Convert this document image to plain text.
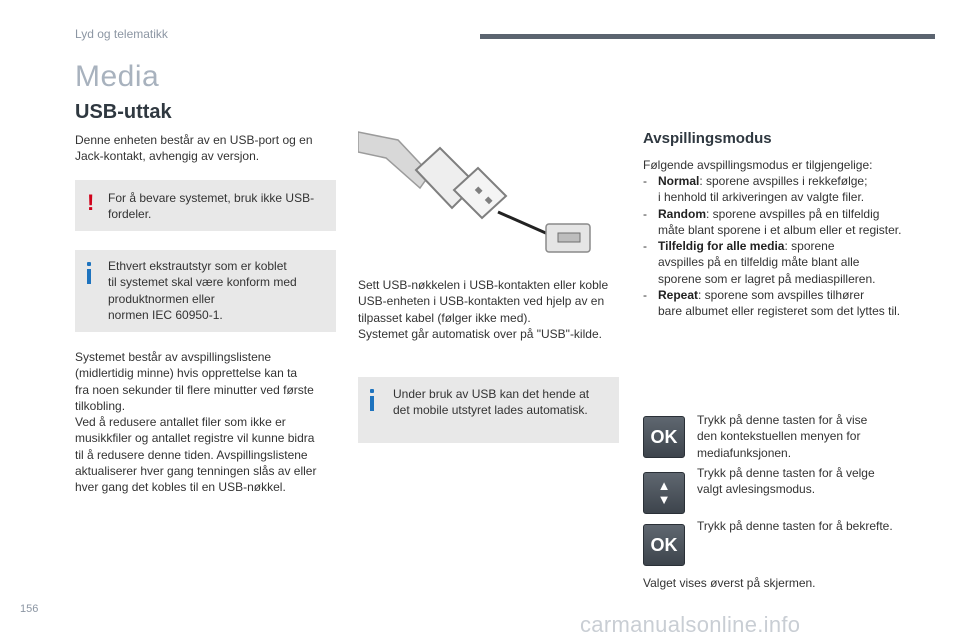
Lyd og telematikk
Media
USB-uttak
Denne enheten består av en USB-port og en Jack-kontakt, avhengig av versjon.
! For å bevare systemet, bruk ikke USB-fordeler.
Ethvert ekstrautstyr som er koblet
til systemet skal være konform med
produktnormen eller
normen IEC 60950-1.
Systemet består av avspillingslistene
(midlertidig minne) hvis opprettelse kan ta
fra noen sekunder til flere minutter ved første
tilkobling.
Ved å redusere antallet filer som ikke er
musikkfiler og antallet registre vil kunne bidra
til å redusere denne tiden. Avspillingslistene
aktualiserer hver gang tenningen slås av eller
hver gang det kobles til en USB-nøkkel.
Sett USB-nøkkelen i USB-kontakten eller koble
USB-enheten i USB-kontakten ved hjelp av en
tilpasset kabel (følger ikke med).
Systemet går automatisk over på "USB"-kilde.
Under bruk av USB kan det hende at
det mobile utstyret lades automatisk.
Avspillingsmodus
Følgende avspillingsmodus er tilgjengelige:
- Normal: sporene avspilles i rekkefølge;
i henhold til arkiveringen av valgte filer.
- Random: sporene avspilles på en tilfeldig
måte blant sporene i et album eller et register.
- Tilfeldig for alle media: sporene
avspilles på en tilfeldig måte blant alle sporene som er lagret på mediaspilleren.
- Repeat: sporene som avspilles tilhører
bare albumet eller registeret som det lyttes til.
OK
Trykk på denne tasten for å vise
den kontekstuellen menyen for
mediafunksjonen.
▲
▼
Trykk på denne tasten for å velge
valgt avlesingsmodus.
OK
Trykk på denne tasten for å bekrefte.
Valget vises øverst på skjermen.
156
carmanualsonline.info
